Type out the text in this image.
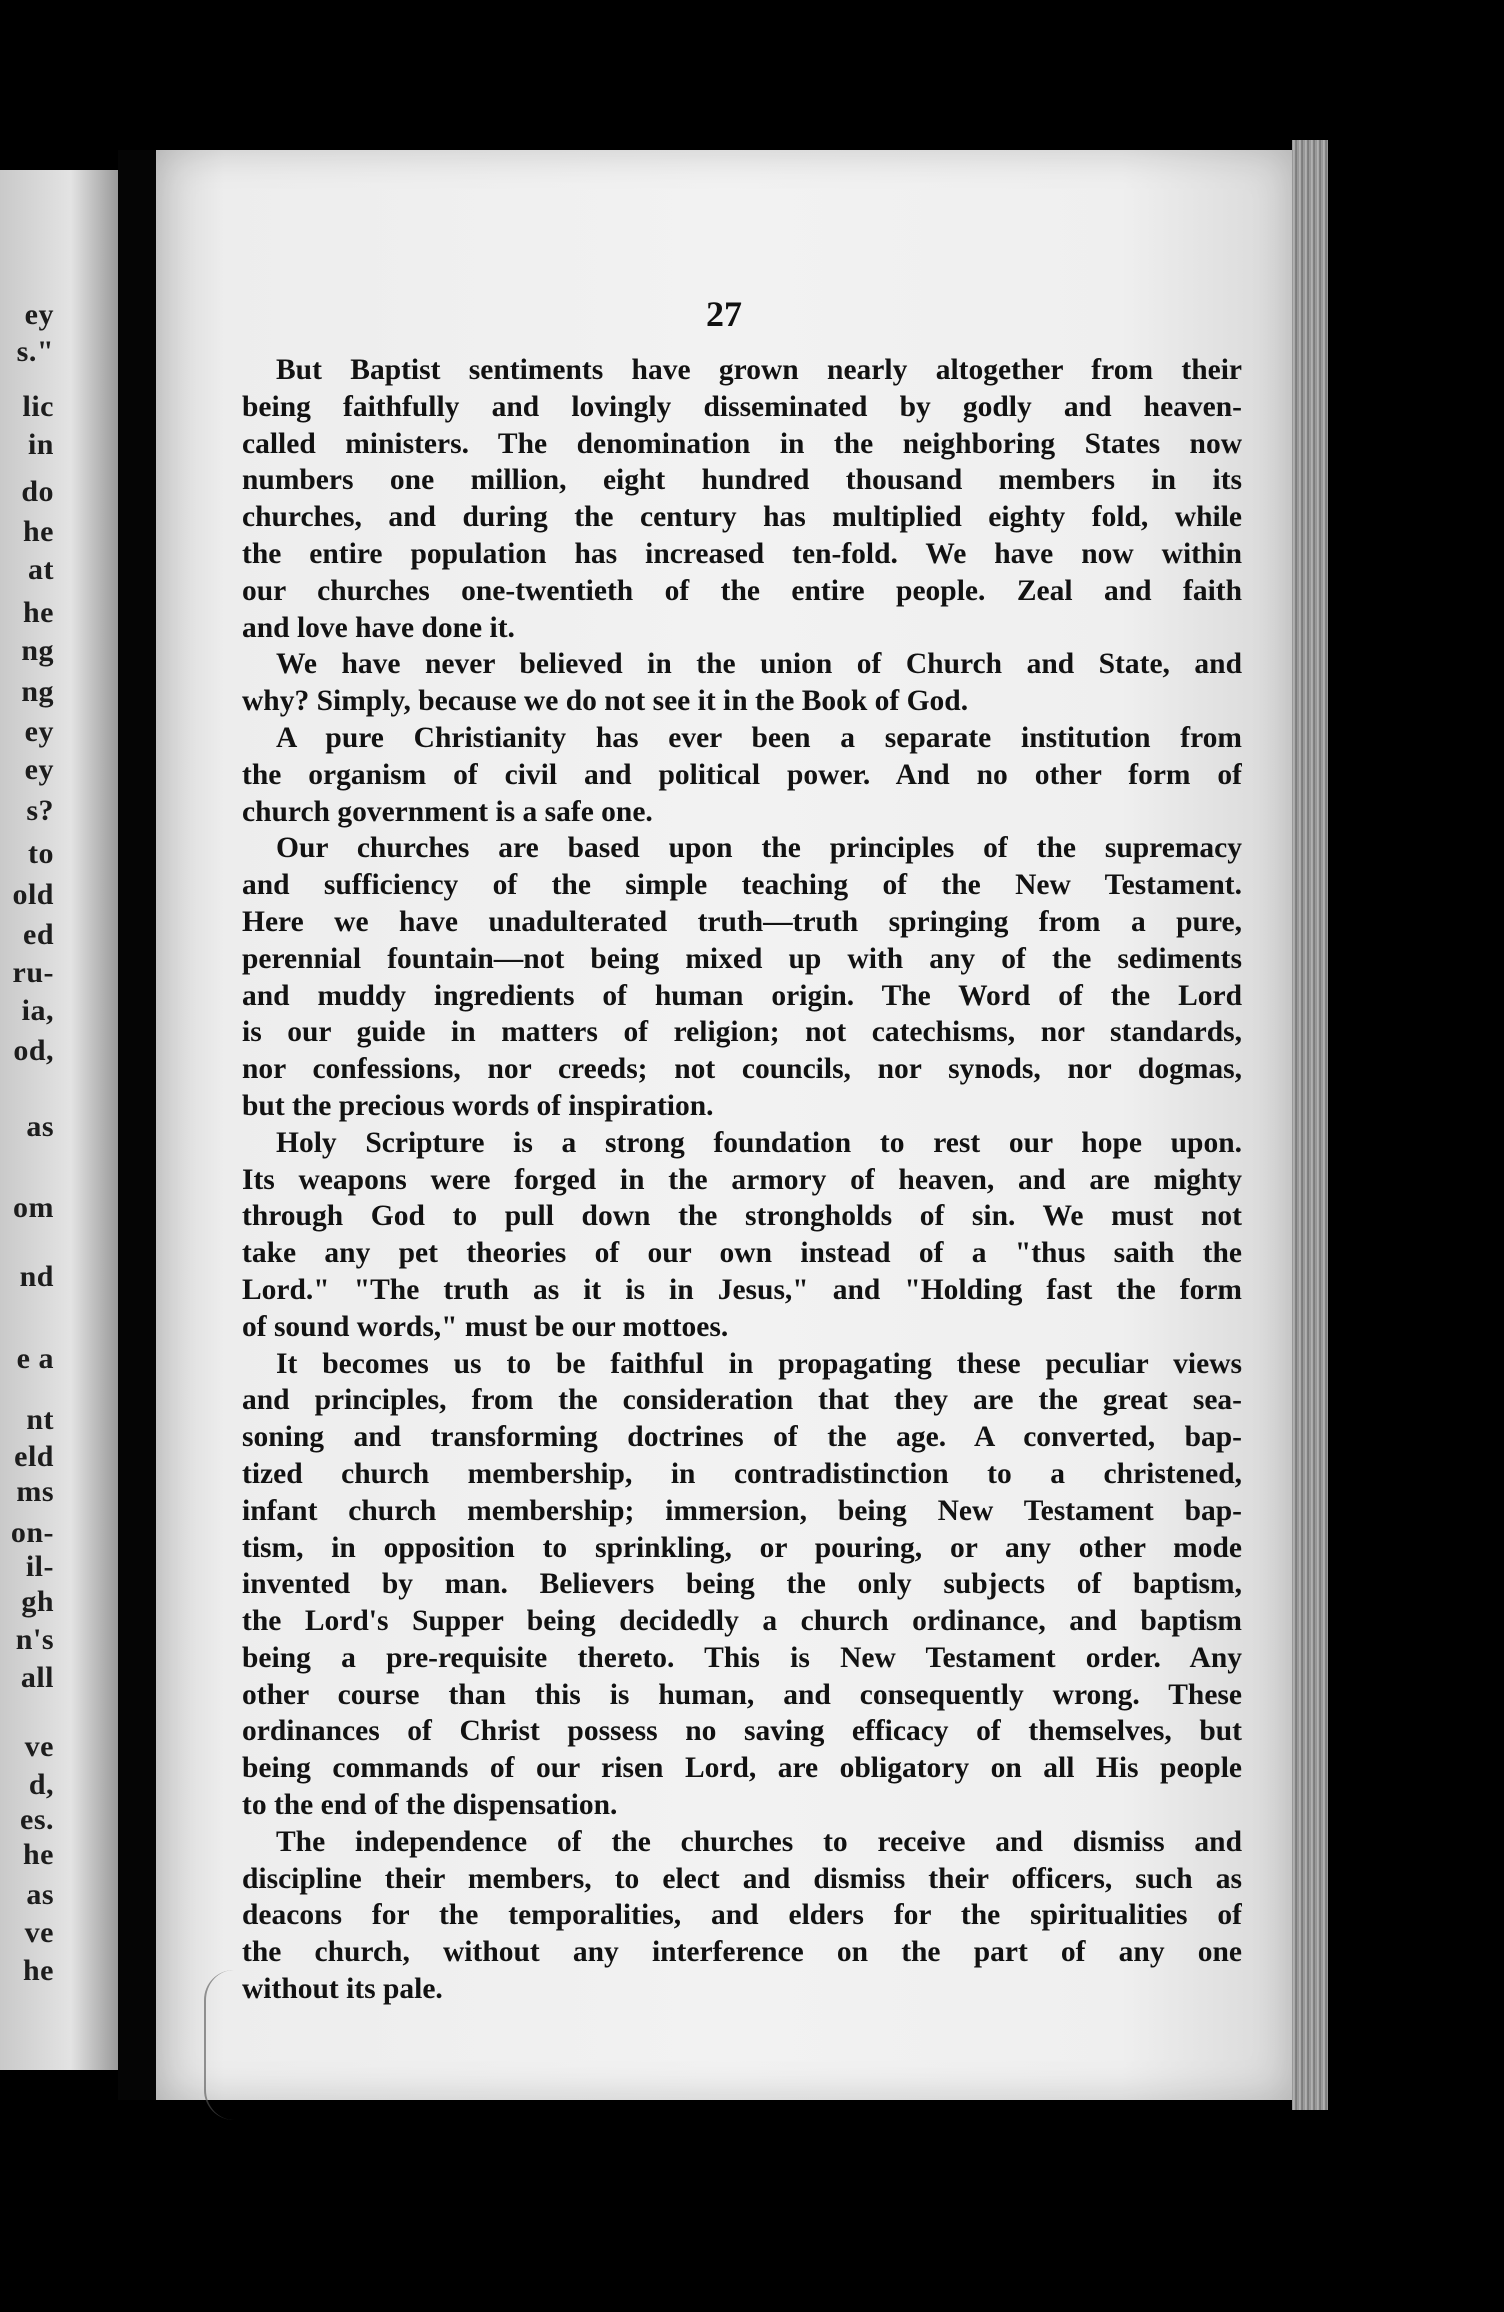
ey
s."
lic
in
do
he
at
he
ng
ng
ey
ey
s?
to
old
ed
ru-
ia,
od,
as
om
nd
e a
nt
eld
ms
on-
il-
gh
n's
all
ve
d,
es.
he
as
ve
he
27
But Baptist sentiments have grown nearly altogether from their
being faithfully and lovingly disseminated by godly and heaven-
called ministers. The denomination in the neighboring States now
numbers one million, eight hundred thousand members in its
churches, and during the century has multiplied eighty fold, while
the entire population has increased ten-fold. We have now within
our churches one-twentieth of the entire people. Zeal and faith
and love have done it.
We have never believed in the union of Church and State, and
why? Simply, because we do not see it in the Book of God.
A pure Christianity has ever been a separate institution from
the organism of civil and political power. And no other form of
church government is a safe one.
Our churches are based upon the principles of the supremacy
and sufficiency of the simple teaching of the New Testament.
Here we have unadulterated truth—truth springing from a pure,
perennial fountain—not being mixed up with any of the sediments
and muddy ingredients of human origin. The Word of the Lord
is our guide in matters of religion; not catechisms, nor standards,
nor confessions, nor creeds; not councils, nor synods, nor dogmas,
but the precious words of inspiration.
Holy Scripture is a strong foundation to rest our hope upon.
Its weapons were forged in the armory of heaven, and are mighty
through God to pull down the strongholds of sin. We must not
take any pet theories of our own instead of a "thus saith the
Lord." "The truth as it is in Jesus," and "Holding fast the form
of sound words," must be our mottoes.
It becomes us to be faithful in propagating these peculiar views
and principles, from the consideration that they are the great sea-
soning and transforming doctrines of the age. A converted, bap-
tized church membership, in contradistinction to a christened,
infant church membership; immersion, being New Testament bap-
tism, in opposition to sprinkling, or pouring, or any other mode
invented by man. Believers being the only subjects of baptism,
the Lord's Supper being decidedly a church ordinance, and baptism
being a pre-requisite thereto. This is New Testament order. Any
other course than this is human, and consequently wrong. These
ordinances of Christ possess no saving efficacy of themselves, but
being commands of our risen Lord, are obligatory on all His people
to the end of the dispensation.
The independence of the churches to receive and dismiss and
discipline their members, to elect and dismiss their officers, such as
deacons for the temporalities, and elders for the spiritualities of
the church, without any interference on the part of any one
without its pale.
